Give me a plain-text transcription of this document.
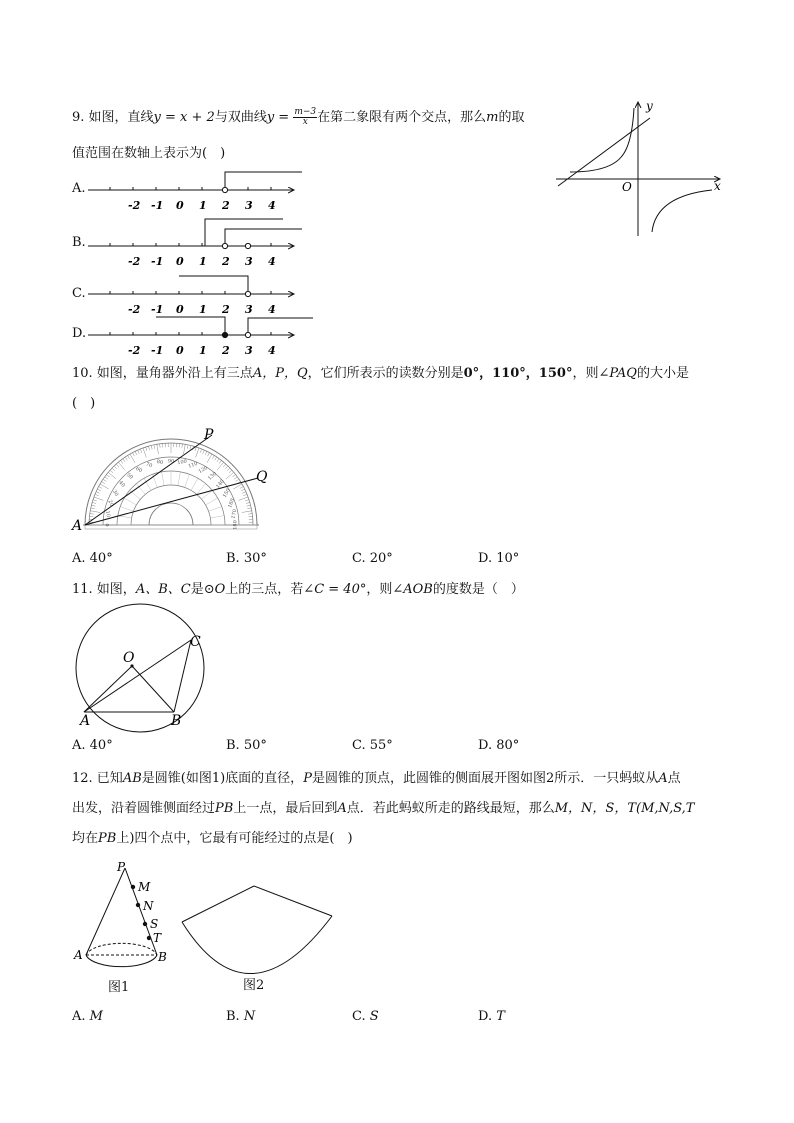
9. 如图，直线y = x + 2与双曲线$y = \frac{m-3}{x}$ 在第二象限有两个交点，那么m的取
值范围在数轴上表示为(　)
y
x
O
A.
-2 -1 0 1 2 3 4
B.
-2 -1 0 1 2 3 4
C.
-2 -1 0 1 2 3 4
D.
-2 -1 0 1 2 3 4
10. 如图，量角器外沿上有三点A，P，Q，它们所表示的读数分别是0°，110°，150°，则∠PAQ的大小是
(　)
0
10
20
30
40
50
60
70 80 90 100 110 120
130
140
150
160
170
180
P
Q
A
A. 40°	B. 30°	C. 20°	D. 10°
11. 如图，A、B、C是⊙O上的三点，若∠C = 40°，则∠AOB的度数是（　）
O
C
A	B
A. 40°	B. 50°	C. 55°	D. 80°
12. 已知AB是圆锥(如图1)底面的直径，P是圆锥的顶点，此圆锥的侧面展开图如图2所示．一只蚂蚁从A点
出发，沿着圆锥侧面经过PB上一点，最后回到A点．若此蚂蚁所走的路线最短，那么M，N，S，T(M,N,S,T
均在PB上)四个点中，它最有可能经过的点是(　)
P
M
N
S
T
A	B
图1	图2
A. M	B. N	C. S	D. T
